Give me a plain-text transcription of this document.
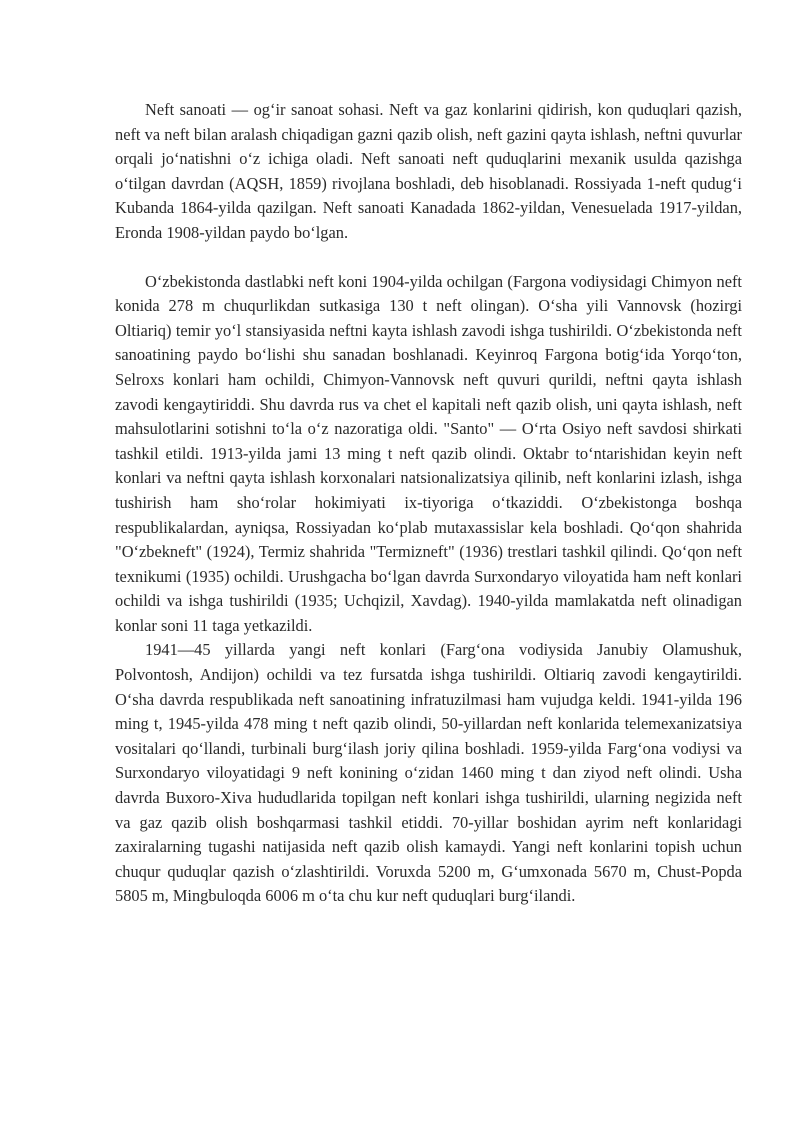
Neft sanoati — og‘ir sanoat sohasi. Neft va gaz konlarini qidirish, kon quduqlari qazish, neft va neft bilan aralash chiqadigan gazni qazib olish, neft gazini qayta ishlash, neftni quvurlar orqali jo‘natishni o‘z ichiga oladi. Neft sanoati neft quduqlarini mexanik usulda qazishga o‘tilgan davrdan (AQSH, 1859) rivojlana boshladi, deb hisoblanadi. Rossiyada 1-neft qudug‘i Kubanda 1864-yilda qazilgan. Neft sanoati Kanadada 1862-yildan, Venesuelada 1917-yildan, Eronda 1908-yildan paydo bo‘lgan.

O‘zbekistonda dastlabki neft koni 1904-yilda ochilgan (Fargona vodiysidagi Chimyon neft konida 278 m chuqurlikdan sutkasiga 130 t neft olingan). O‘sha yili Vannovsk (hozirgi Oltiariq) temir yo‘l stansiyasida neftni kayta ishlash zavodi ishga tushirildi. O‘zbekistonda neft sanoatining paydo bo‘lishi shu sanadan boshlanadi. Keyinroq Fargona botig‘ida Yorqo‘ton, Selroxs konlari ham ochildi, Chimyon-Vannovsk neft quvuri qurildi, neftni qayta ishlash zavodi kengaytiriddi. Shu davrda rus va chet el kapitali neft qazib olish, uni qayta ishlash, neft mahsulotlarini sotishni to‘la o‘z nazoratiga oldi. "Santo" — O‘rta Osiyo neft savdosi shirkati tashkil etildi. 1913-yilda jami 13 ming t neft qazib olindi. Oktabr to‘ntarishidan keyin neft konlari va neftni qayta ishlash korxonalari natsionalizatsiya qilinib, neft konlarini izlash, ishga tushirish ham sho‘rolar hokimiyati ix-tiyoriga o‘tkaziddi. O‘zbekistonga boshqa respublikalardan, ayniqsa, Rossiyadan ko‘plab mutaxassislar kela boshladi. Qo‘qon shahrida "O‘zbekneft" (1924), Termiz shahrida "Termizneft" (1936) trestlari tashkil qilindi. Qo‘qon neft texnikumi (1935) ochildi. Urushgacha bo‘lgan davrda Surxondaryo viloyatida ham neft konlari ochildi va ishga tushirildi (1935; Uchqizil, Xavdag). 1940-yilda mamlakatda neft olinadigan konlar soni 11 taga yetkazildi.

1941—45 yillarda yangi neft konlari (Farg‘ona vodiysida Janubiy Olamushuk, Polvontosh, Andijon) ochildi va tez fursatda ishga tushirildi. Oltiariq zavodi kengaytirildi. O‘sha davrda respublikada neft sanoatining infratuzilmasi ham vujudga keldi. 1941-yilda 196 ming t, 1945-yilda 478 ming t neft qazib olindi, 50-yillardan neft konlarida telemexanizatsiya vositalari qo‘llandi, turbinali burg‘ilash joriy qilina boshladi. 1959-yilda Farg‘ona vodiysi va Surxondaryo viloyatidagi 9 neft konining o‘zidan 1460 ming t dan ziyod neft olindi. Usha davrda Buxoro-Xiva hududlarida topilgan neft konlari ishga tushirildi, ularning negizida neft va gaz qazib olish boshqarmasi tashkil etiddi. 70-yillar boshidan ayrim neft konlaridagi zaxiralarning tugashi natijasida neft qazib olish kamaydi. Yangi neft konlarini topish uchun chuqur quduqlar qazish o‘zlashtirildi. Voruxda 5200 m, G‘umxonada 5670 m, Chust-Popda 5805 m, Mingbuloqda 6006 m o‘ta chu kur neft quduqlari burg‘ilandi.
